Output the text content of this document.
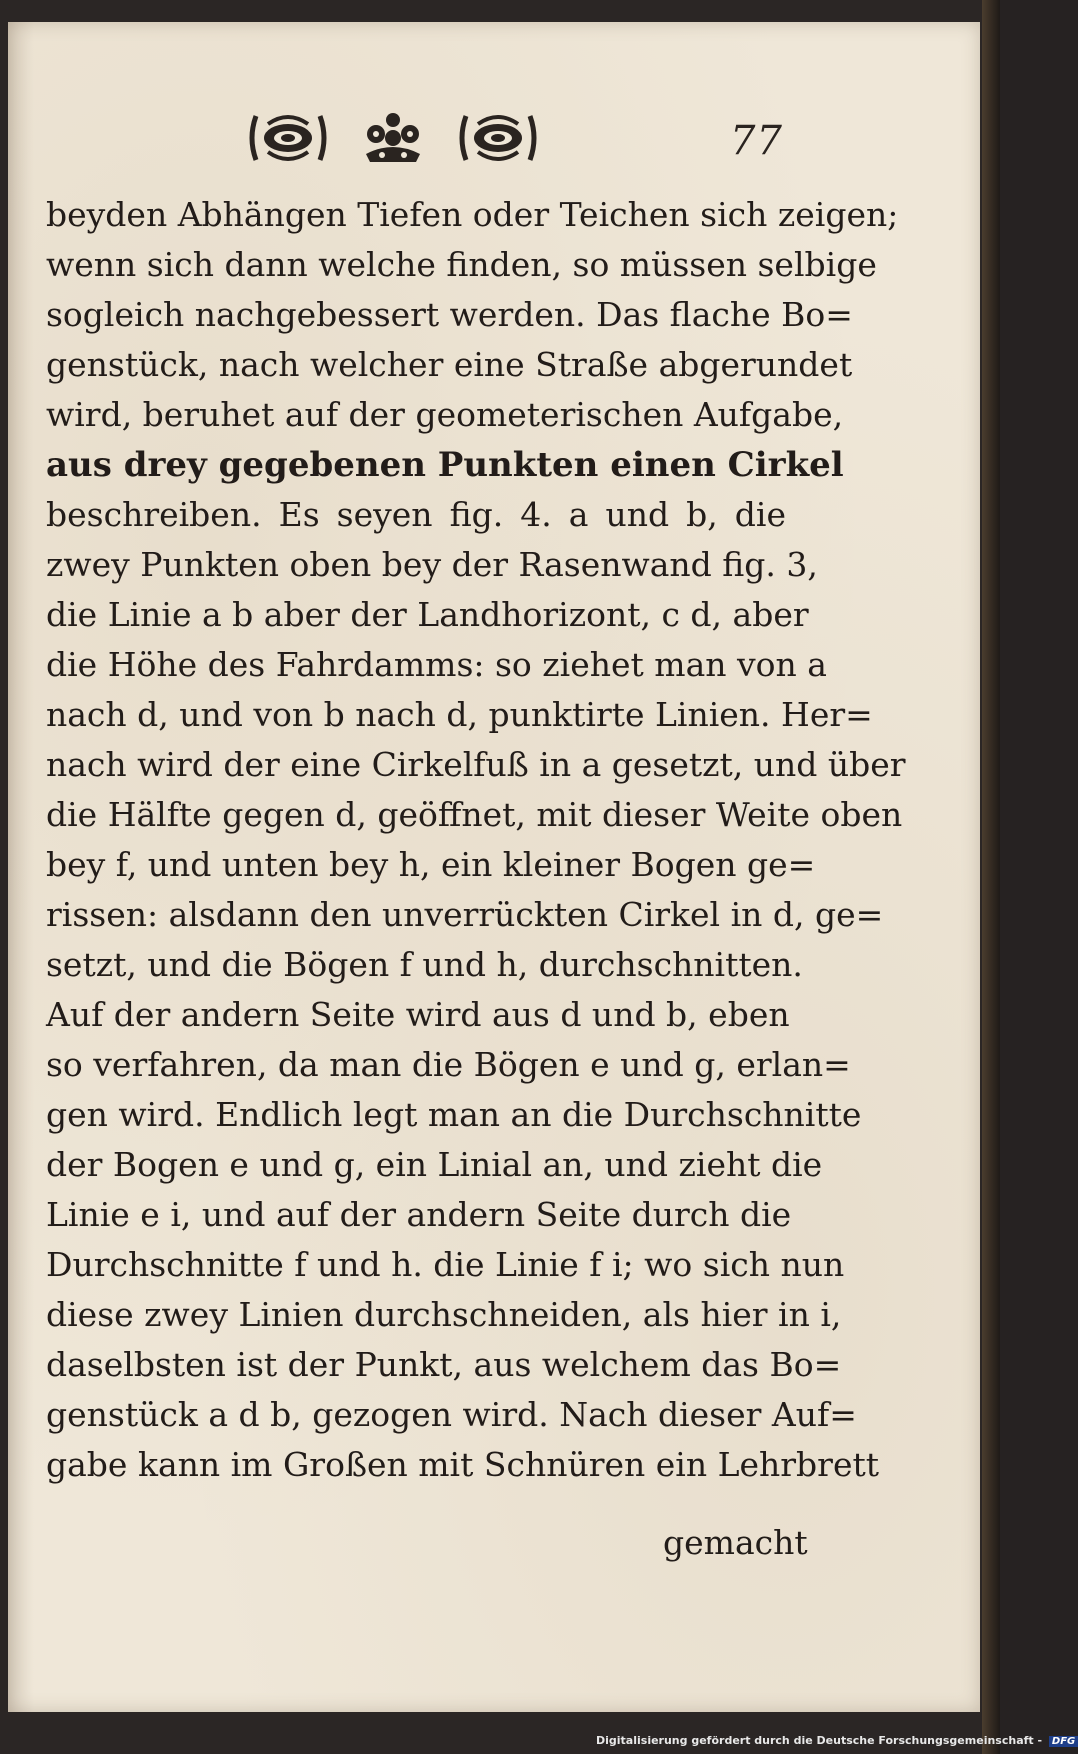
77
beyden Abhängen Tiefen oder Teichen sich zeigen;
wenn sich dann welche finden, so müssen selbige
sogleich nachgebessert werden. Das flache Bo=
genstück, nach welcher eine Straße abgerundet
wird, beruhet auf der geometerischen Aufgabe,
aus drey gegebenen Punkten einen Cirkel
beschreiben. Es seyen fig. 4. a und b, die
zwey Punkten oben bey der Rasenwand fig. 3,
die Linie a b aber der Landhorizont, c d, aber
die Höhe des Fahrdamms: so ziehet man von a
nach d, und von b nach d, punktirte Linien. Her=
nach wird der eine Cirkelfuß in a gesetzt, und über
die Hälfte gegen d, geöffnet, mit dieser Weite oben
bey f, und unten bey h, ein kleiner Bogen ge=
rissen: alsdann den unverrückten Cirkel in d, ge=
setzt, und die Bögen f und h, durchschnitten.
Auf der andern Seite wird aus d und b, eben
so verfahren, da man die Bögen e und g, erlan=
gen wird. Endlich legt man an die Durchschnitte
der Bogen e und g, ein Linial an, und zieht die
Linie e i, und auf der andern Seite durch die
Durchschnitte f und h. die Linie f i; wo sich nun
diese zwey Linien durchschneiden, als hier in i,
daselbsten ist der Punkt, aus welchem das Bo=
genstück a d b, gezogen wird. Nach dieser Auf=
gabe kann im Großen mit Schnüren ein Lehrbrett
gemacht
Digitalisierung gefördert durch die Deutsche Forschungsgemeinschaft - DFG
